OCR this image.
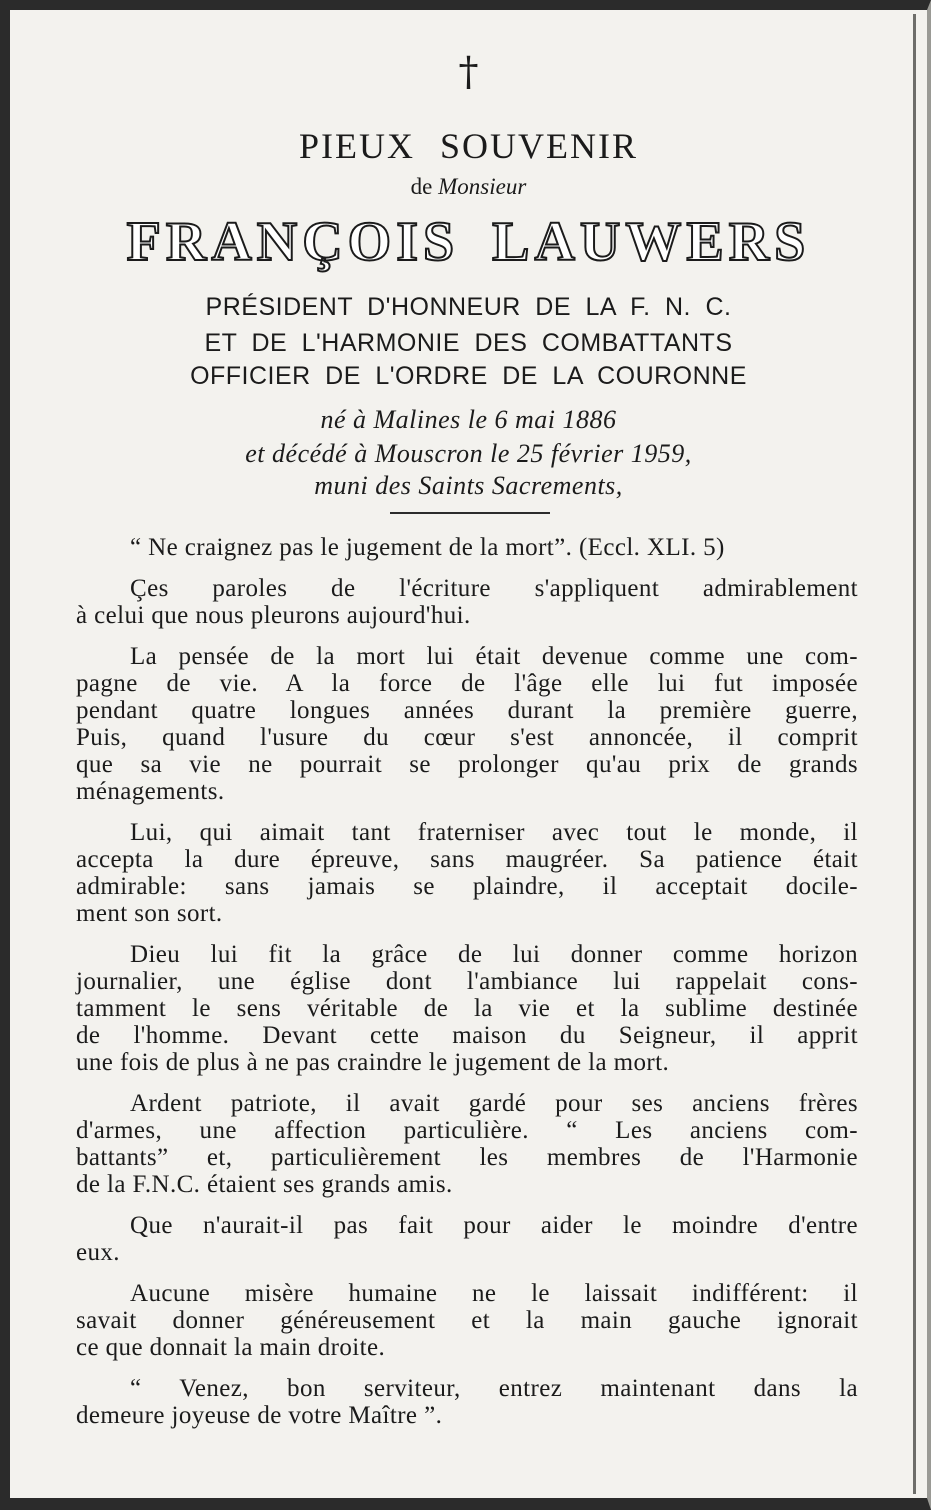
†
PIEUX SOUVENIR
de Monsieur
FRANÇOIS LAUWERS
PRÉSIDENT D'HONNEUR DE LA F. N. C.
ET DE L'HARMONIE DES COMBATTANTS
OFFICIER DE L'ORDRE DE LA COURONNE
né à Malines le 6 mai 1886
et décédé à Mouscron le 25 février 1959,
muni des Saints Sacrements,
“ Ne craignez pas le jugement de la mort”. (Eccl. XLI. 5)
Çes paroles de l'écriture s'appliquent admirablement
à celui que nous pleurons aujourd'hui.
La pensée de la mort lui était devenue comme une com-
pagne de vie. A la force de l'âge elle lui fut imposée
pendant quatre longues années durant la première guerre,
Puis, quand l'usure du cœur s'est annoncée, il comprit
que sa vie ne pourrait se prolonger qu'au prix de grands
ménagements.
Lui, qui aimait tant fraterniser avec tout le monde, il
accepta la dure épreuve, sans maugréer. Sa patience était
admirable: sans jamais se plaindre, il acceptait docile-
ment son sort.
Dieu lui fit la grâce de lui donner comme horizon
journalier, une église dont l'ambiance lui rappelait cons-
tamment le sens véritable de la vie et la sublime destinée
de l'homme. Devant cette maison du Seigneur, il apprit
une fois de plus à ne pas craindre le jugement de la mort.
Ardent patriote, il avait gardé pour ses anciens frères
d'armes, une affection particulière. “ Les anciens com-
battants” et, particulièrement les membres de l'Harmonie
de la F.N.C. étaient ses grands amis.
Que n'aurait-il pas fait pour aider le moindre d'entre
eux.
Aucune misère humaine ne le laissait indifférent: il
savait donner généreusement et la main gauche ignorait
ce que donnait la main droite.
“ Venez, bon serviteur, entrez maintenant dans la
demeure joyeuse de votre Maître ”.
